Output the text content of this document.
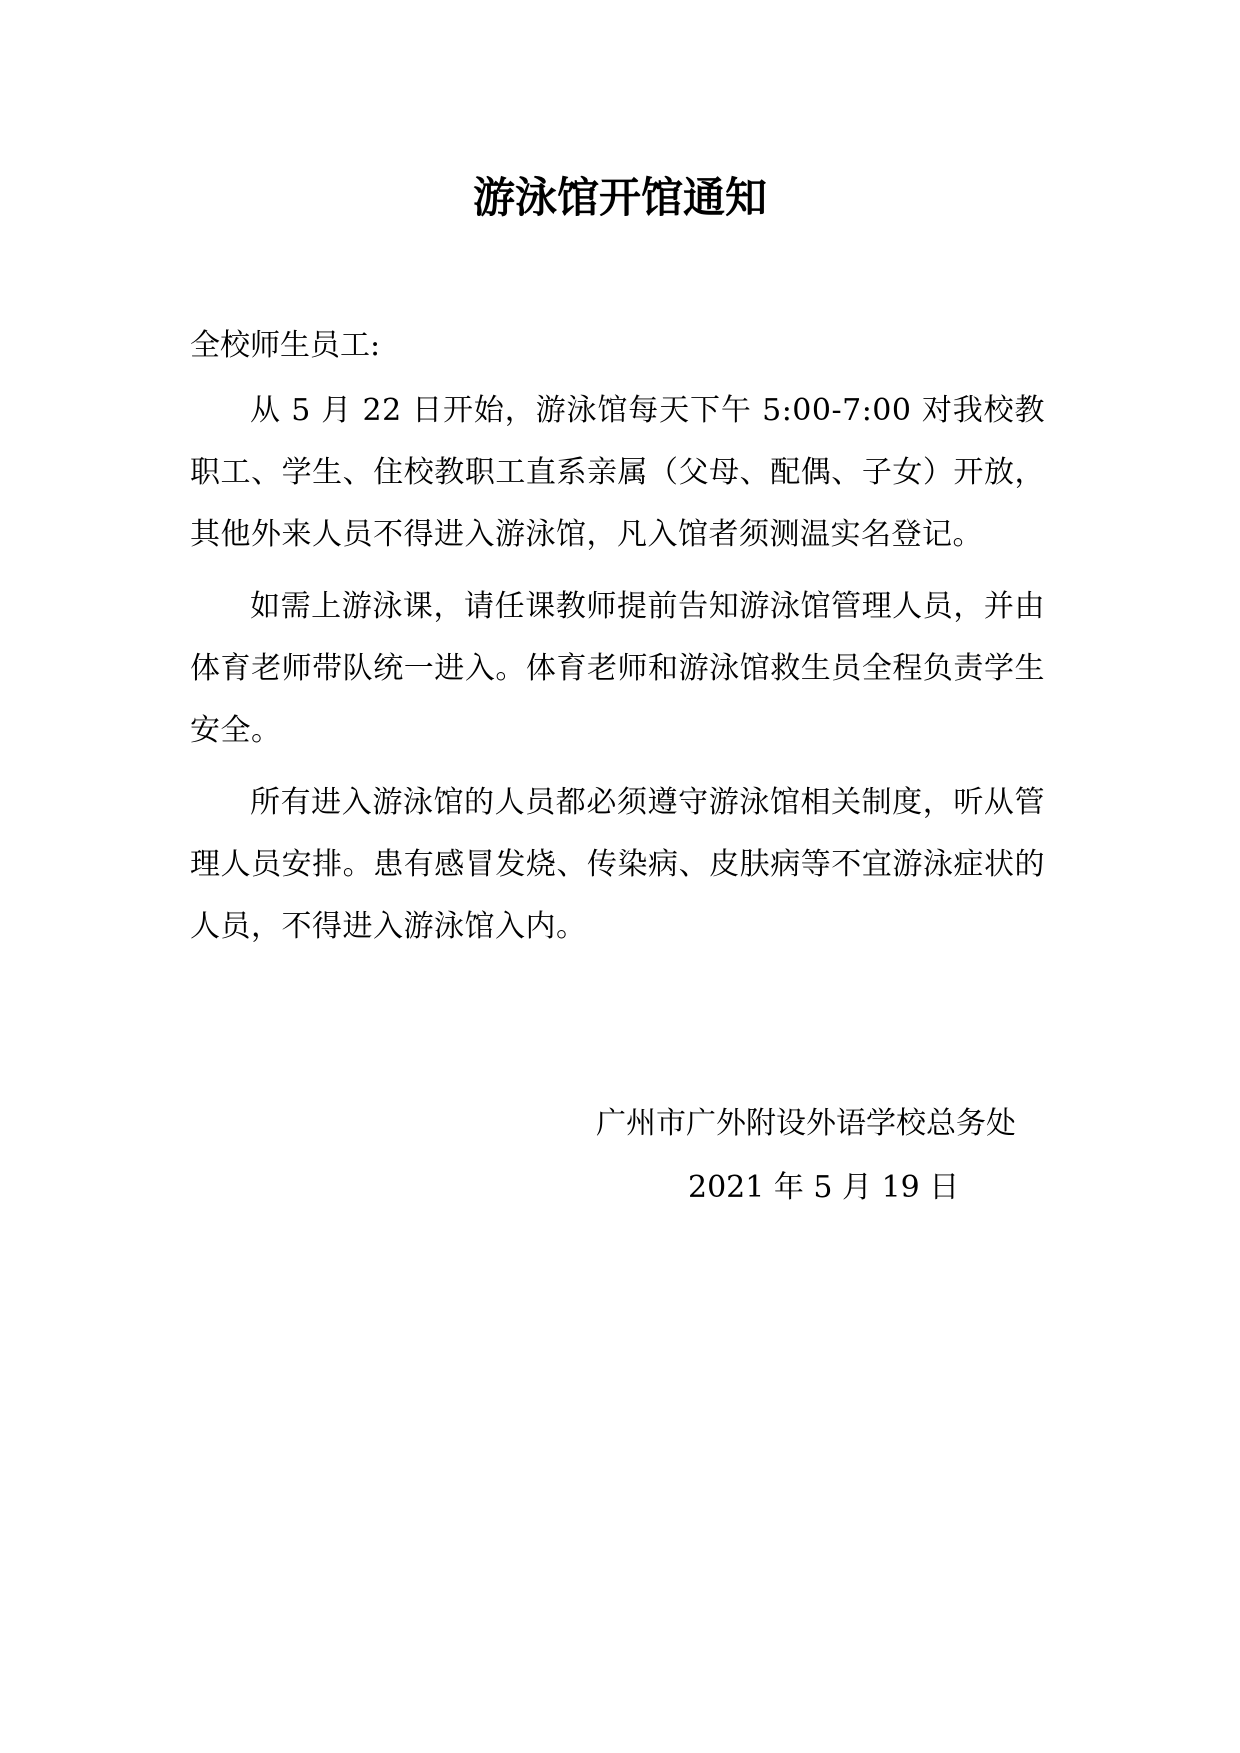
游泳馆开馆通知
全校师生员工:
从 5 月 22 日开始，游泳馆每天下午 5:00-7:00 对我校教职工、学生、住校教职工直系亲属（父母、配偶、子女）开放，其他外来人员不得进入游泳馆，凡入馆者须测温实名登记。
如需上游泳课，请任课教师提前告知游泳馆管理人员，并由体育老师带队统一进入。体育老师和游泳馆救生员全程负责学生安全。
所有进入游泳馆的人员都必须遵守游泳馆相关制度，听从管理人员安排。患有感冒发烧、传染病、皮肤病等不宜游泳症状的人员，不得进入游泳馆入内。
广州市广外附设外语学校总务处
2021 年 5 月 19 日
